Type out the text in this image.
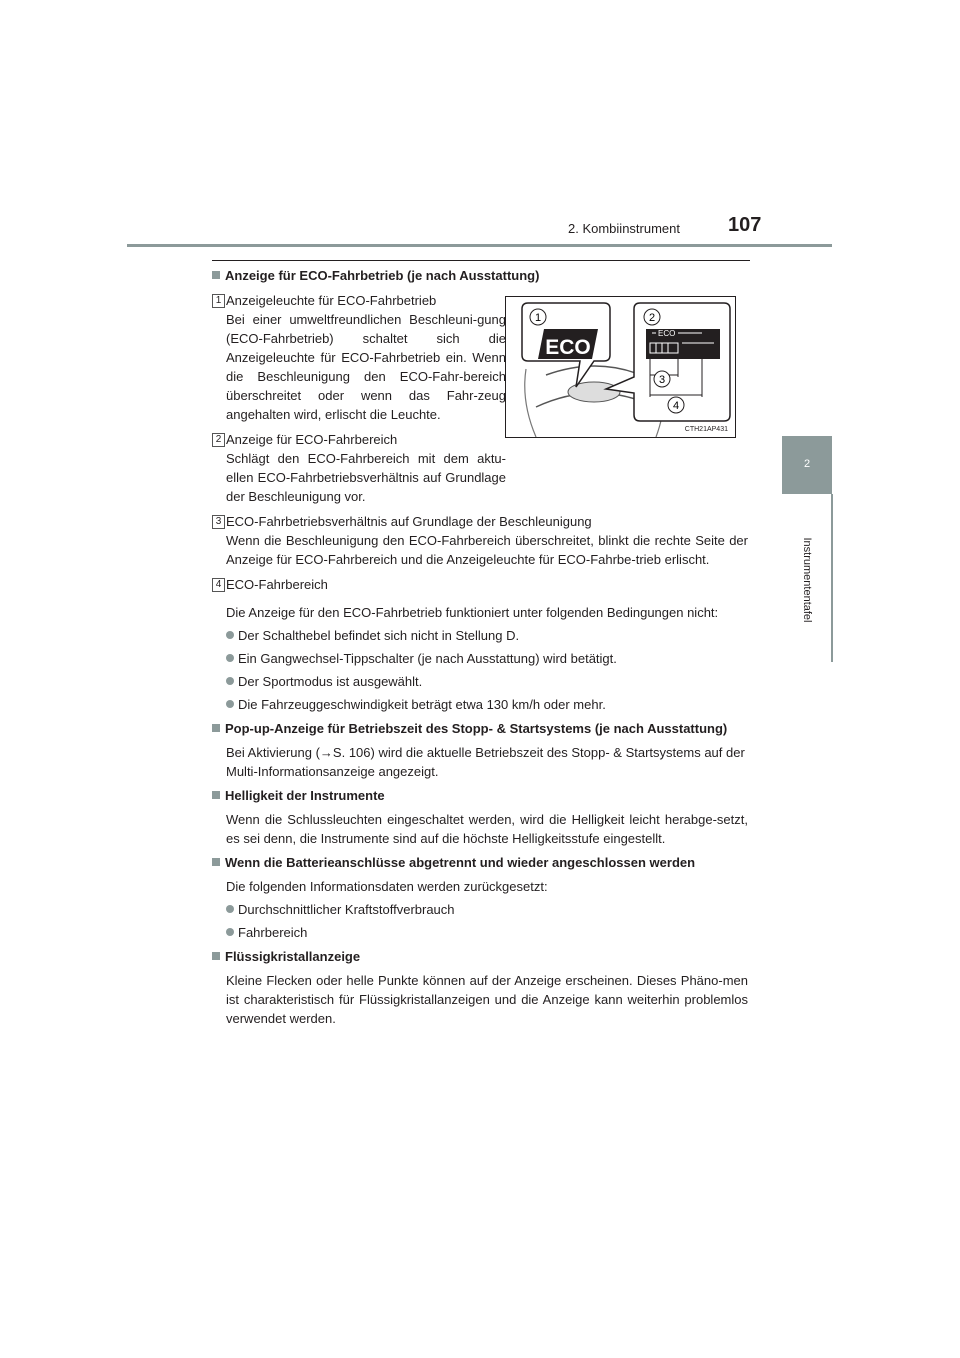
2. Kombiinstrument 107
2
Instrumententafel
ECO
1	2
ECO
3
4
CTH21AP431

Anzeige für ECO-Fahrbetrieb (je nach Ausstattung)

1 Anzeigeleuchte für ECO-Fahrbetrieb
Bei einer umweltfreundlichen Beschleuni-gung (ECO-Fahrbetrieb) schaltet sich die Anzeigeleuchte für ECO-Fahrbetrieb ein. Wenn die Beschleunigung den ECO-Fahr-bereich überschreitet oder wenn das Fahr-zeug angehalten wird, erlischt die Leuchte.
2 Anzeige für ECO-Fahrbereich
Schlägt den ECO-Fahrbereich mit dem aktu-ellen ECO-Fahrbetriebsverhältnis auf Grundlage der Beschleunigung vor.
3 ECO-Fahrbetriebsverhältnis auf Grundlage der Beschleunigung
Wenn die Beschleunigung den ECO-Fahrbereich überschreitet, blinkt die rechte Seite der Anzeige für ECO-Fahrbereich und die Anzeigeleuchte für ECO-Fahrbe-trieb erlischt.
4 ECO-Fahrbereich
Die Anzeige für den ECO-Fahrbetrieb funktioniert unter folgenden Bedingungen nicht:
Der Schalthebel befindet sich nicht in Stellung D.
Ein Gangwechsel-Tippschalter (je nach Ausstattung) wird betätigt.
Der Sportmodus ist ausgewählt.
Die Fahrzeuggeschwindigkeit beträgt etwa 130 km/h oder mehr.

Pop-up-Anzeige für Betriebszeit des Stopp- & Startsystems (je nach Ausstattung)

Bei Aktivierung (→S. 106) wird die aktuelle Betriebszeit des Stopp- & Startsystems auf der Multi-Informationsanzeige angezeigt.

Helligkeit der Instrumente

Wenn die Schlussleuchten eingeschaltet werden, wird die Helligkeit leicht herabge-setzt, es sei denn, die Instrumente sind auf die höchste Helligkeitsstufe eingestellt.

Wenn die Batterieanschlüsse abgetrennt und wieder angeschlossen werden

Die folgenden Informationsdaten werden zurückgesetzt:
Durchschnittlicher Kraftstoffverbrauch
Fahrbereich

Flüssigkristallanzeige

Kleine Flecken oder helle Punkte können auf der Anzeige erscheinen. Dieses Phäno-men ist charakteristisch für Flüssigkristallanzeigen und die Anzeige kann weiterhin problemlos verwendet werden.
